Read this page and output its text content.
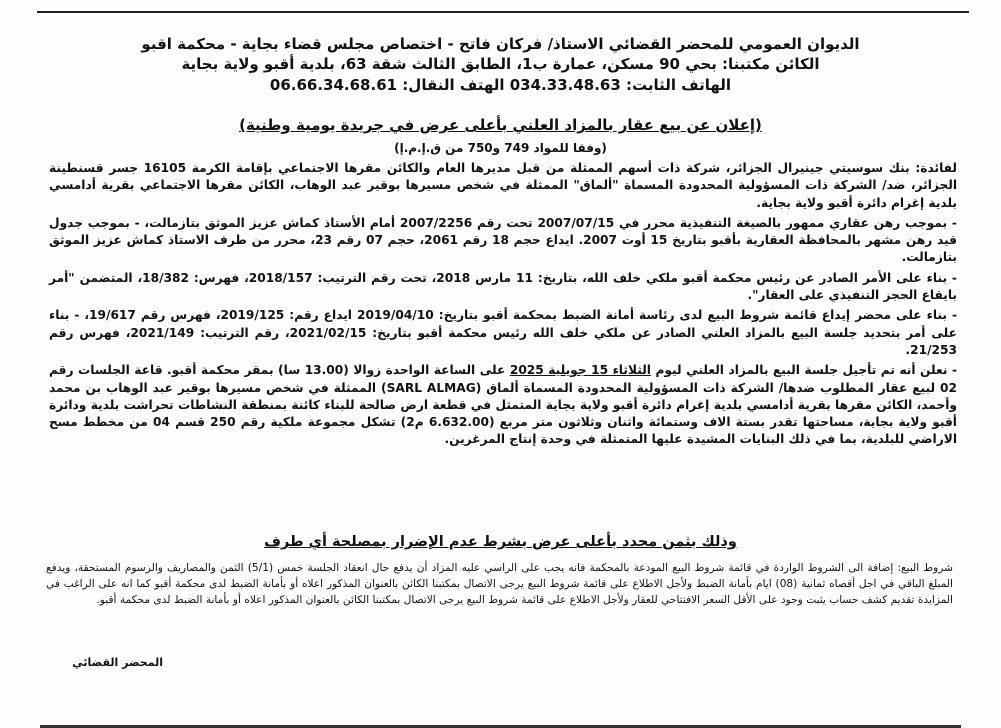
الديوان العمومي للمحضر القضائي الاستاذ/ فركان فاتح - اختصاص مجلس قضاء بجاية - محكمة اقبو
الكائن مكتبنا: بحي 90 مسكن، عمارة ب1، الطابق الثالث شقة 63، بلدية أقبو ولاية بجاية
الهاتف الثابت: 034.33.48.63 الهتف النقال: 06.66.34.68.61
(إعلان عن بيع عقار بالمزاد العلني بأعلى عرض في جريدة يومية وطنية)
(وفقا للمواد 749 و750 من ق.إ.م.إ)

لفائدة: بنك سوسيتي جينيرال الجزائر، شركة ذات أسهم الممثلة من قبل مديرها العام والكائن مقرها الاجتماعي بإقامة الكرمة 16105 جسر قسنطينة الجزائر، ضد/ الشركة ذات المسؤولية المحدودة المسماة "ألماق" الممثلة في شخص مسيرها بوقير عبد الوهاب، الكائن مقرها الاجتماعي بقرية أدامسي بلدية إغرام دائرة أقبو ولاية بجاية.

- بموجب رهن عقاري ممهور بالصيغة التنفيذية محرر في 2007/07/15 تحت رقم 2007/2256 أمام الأستاذ كماش عزيز الموثق بتازمالت، - بموجب جدول قيد رهن مشهر بالمحافظة العقارية بأقبو بتاريخ 15 أوت 2007. ايداع حجم 18 رقم 2061، حجم 07 رقم 23، محرر من طرف الاستاذ كماش عزيز الموثق بتازمالت.

- بناء على الأمر الصادر عن رئيس محكمة أقبو ملكي خلف الله، بتاريخ: 11 مارس 2018، تحت رقم الترتيب: 2018/157، فهرس: 18/382، المتضمن "أمر بايقاع الحجز التنفيذي على العقار".

- بناء على محضر إيداع قائمة شروط البيع لدى رئاسة أمانة الضبط بمحكمة أقبو بتاريخ: 2019/04/10 ايداع رقم: 2019/125، فهرس رقم 19/617، - بناء على أمر بتحديد جلسة البيع بالمزاد العلني الصادر عن ملكي خلف الله رئيس محكمة أقبو بتاريخ: 2021/02/15، رقم الترتيب: 2021/149، فهرس رقم 21/253.

- نعلن أنه تم تأجيل جلسة البيع بالمزاد العلني ليوم الثلاثاء 15 جويلية 2025 على الساعة الواحدة زوالا (13.00 سا) بمقر محكمة أقبو. قاعة الجلسات رقم 02 لبيع عقار المطلوب ضدها/ الشركة ذات المسؤولية المحدودة المسماة ألماق (SARL ALMAG) الممثلة في شخص مسيرها بوقير عبد الوهاب بن محمد وأحمد، الكائن مقرها بقرية أدامسي بلدية إغرام دائرة أقبو ولاية بجاية المتمثل في قطعة ارض صالحة للبناء كائنة بمنطقة النشاطات تحراشت بلدية ودائرة أقبو ولاية بجاية، مساحتها تقدر بستة الاف وستمائة واثنان وثلاثون متر مربع (6.632.00 م2) تشكل مجموعة ملكية رقم 250 قسم 04 من مخطط مسح الاراضي للبلدية، بما في ذلك البنايات المشيدة عليها المتمثلة في وحدة إنتاج المرغرين.

وذلك بثمن محدد بأعلى عرض بشرط عدم الإضرار بمصلحة أي طرف
شروط البيع: إضافة الى الشروط الواردة في قائمة شروط البيع المودعة بالمحكمة فانه يجب على الراسي عليه المزاد أن يدفع حال انعقاد الجلسة خمس (5/1) الثمن والمصاريف والرسوم المستحقة، ويدفع المبلغ الباقي في اجل أقصاه ثمانية (08) ايام بأمانة الضبط ولأجل الاطلاع على قائمة شروط البيع يرجى الاتصال بمكتبنا الكائن بالعنوان المذكور اعلاه أو بأمانة الضبط لدى محكمة أقبو كما انه على الراغب في المزايدة تقديم كشف حساب يثبت وجود على الأقل السعر الافتتاحي للعقار ولأجل الاطلاع على قائمة شروط البيع يرجى الاتصال بمكتبنا الكائن بالعنوان المذكور اعلاه أو بأمانة الضبط لدى محكمة أقبو.
المحضر القضائي
